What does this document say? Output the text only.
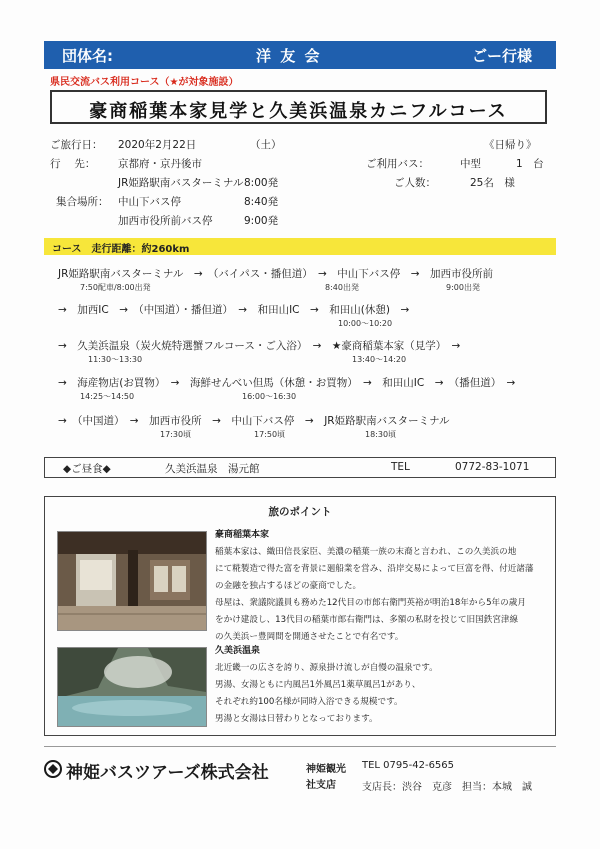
団体名:	洋 友 会	ごー行様
県民交流バス利用コース（★が対象施設）
豪商稲葉本家見学と久美浜温泉カニフルコース
ご旅行日： 2020年2月22日	（土）	《日帰り》
行　 先： 京都府・京丹後市	ご利用バス：	中型	1　台
JR姫路駅南バスターミナル 8:00発	ご人数：	25名　様
集合場所： 中山下バス停	8:40発
加西市役所前バス停	9:00発
コース　走行距離：約260km
JR姫路駅南バスターミナル　→　（バイパス・播但道）　→　中山下バス停　→　加西市役所前
7:50配車/8:00出発	8:40出発	9:00出発
→　加西IC　→　（中国道）・播但道）　→　和田山IC　→　和田山(休憩)　→
10:00～10:20
→　久美浜温泉（炭火焼特選蟹フルコース・ご入浴）　→　★豪商稲葉本家（見学）　→
11:30～13:30	13:40～14:20
→　海産物店(お買物）　→　海鮮せんべい但馬（休憩・お買物）　→　和田山IC　→　（播但道）　→
14:25～14:50	16:00～16:30
→　（中国道）　→　加西市役所　→　中山下バス停　→　JR姫路駅南バスターミナル
17:30頃	17:50頃	18:30頃
◆ご昼食◆	久美浜温泉　湯元館	TEL	0772-83-1071
旅のポイント
豪商稲葉本家
稲葉本家は、織田信長家臣、美濃の稲葉一族の末裔と言われ、この久美浜の地
にて糀製造で得た富を背景に廻船業を営み、沿岸交易によって巨富を得、付近諸藩
の金融を独占するほどの豪商でした。
母屋は、衆議院議員も務めた12代目の市郎右衛門英裕が明治18年から5年の歳月
をかけ建設し、13代目の稲葉市郎右衛門は、多額の私財を投じて旧国鉄宮津線
の久美浜ー豊岡間を開通させたことで有名です。
久美浜温泉
北近畿一の広さを誇り、源泉掛け流しが自慢の温泉です。
男湯、女湯ともに内風呂1外風呂1薬草風呂1があり、
それぞれ約100名様が同時入浴できる規模です。
男湯と女湯は日替わりとなっております。
神姫バスツアーズ株式会社	神姫観光
社支店
TEL 0795-42-6565
支店長：渋谷　克彦　担当：本城　誠
